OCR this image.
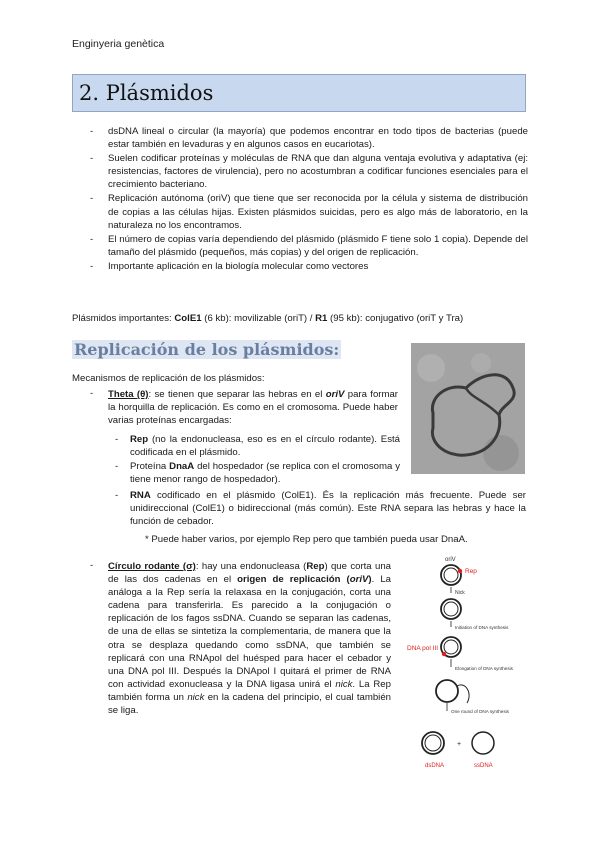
Enginyeria genètica
2. Plásmidos
- dsDNA lineal o circular (la mayoría) que podemos encontrar en todo tipos de bacterias (puede estar también en levaduras y en algunos casos en eucariotas).
- Suelen codificar proteínas y moléculas de RNA que dan alguna ventaja evolutiva y adaptativa (ej: resistencias, factores de virulencia), pero no acostumbran a codificar funciones esenciales para el crecimiento bacteriano.
- Replicación autónoma (oriV) que tiene que ser reconocida por la célula y sistema de distribución de copias a las células hijas. Existen plásmidos suicidas, pero es algo más de laboratorio, en la naturaleza no los encontramos.
- El número de copias varía dependiendo del plásmido (plásmido F tiene solo 1 copia). Depende del tamaño del plásmido (pequeños, más copias) y del origen de replicación.
- Importante aplicación en la biología molecular como vectores
Plásmidos importantes: ColE1 (6 kb): movilizable (oriT) / R1 (95 kb): conjugativo (oriT y Tra)
Replicación de los plásmidos:
Mecanismos de replicación de los plásmidos:
- Theta (θ): se tienen que separar las hebras en el oriV para formar la horquilla de replicación. Es como en el cromosoma. Puede haber varias proteínas encargadas:
- Rep (no la endonucleasa, eso es en el círculo rodante). Está codificada en el plásmido.
- Proteína DnaA del hospedador (se replica con el cromosoma y tiene menor rango de hospedador).
- RNA codificado en el plásmido (ColE1). És la replicación más frecuente. Puede ser unidireccional (ColE1) o bidireccional (más común). Este RNA separa las hebras y hace la función de cebador.
* Puede haber varios, por ejemplo Rep pero que también pueda usar DnaA.
- Círculo rodante (σ): hay una endonucleasa (Rep) que corta una de las dos cadenas en el origen de replicación (oriV). La análoga a la Rep sería la relaxasa en la conjugación, corta una cadena para transferirla. Es parecido a la conjugación o replicación de los fagos ssDNA. Cuando se separan las cadenas, de una de ellas se sintetiza la complementaria, de manera que la otra se desplaza quedando como ssDNA, que también se replicará con una RNApol del huésped para hacer el cebador y una DNA pol III. Después la DNApol I quitará el primer de RNA con actividad exonucleasa y la DNA ligasa unirá el nick. La Rep también forma un nick en la cadena del principio, el cual también se liga.
oriV
Rep
Nick
Initiation of DNA synthesis
DNA pol III
Elongation of DNA synthesis
One round of DNA synthesis
+
dsDNA	ssDNA
